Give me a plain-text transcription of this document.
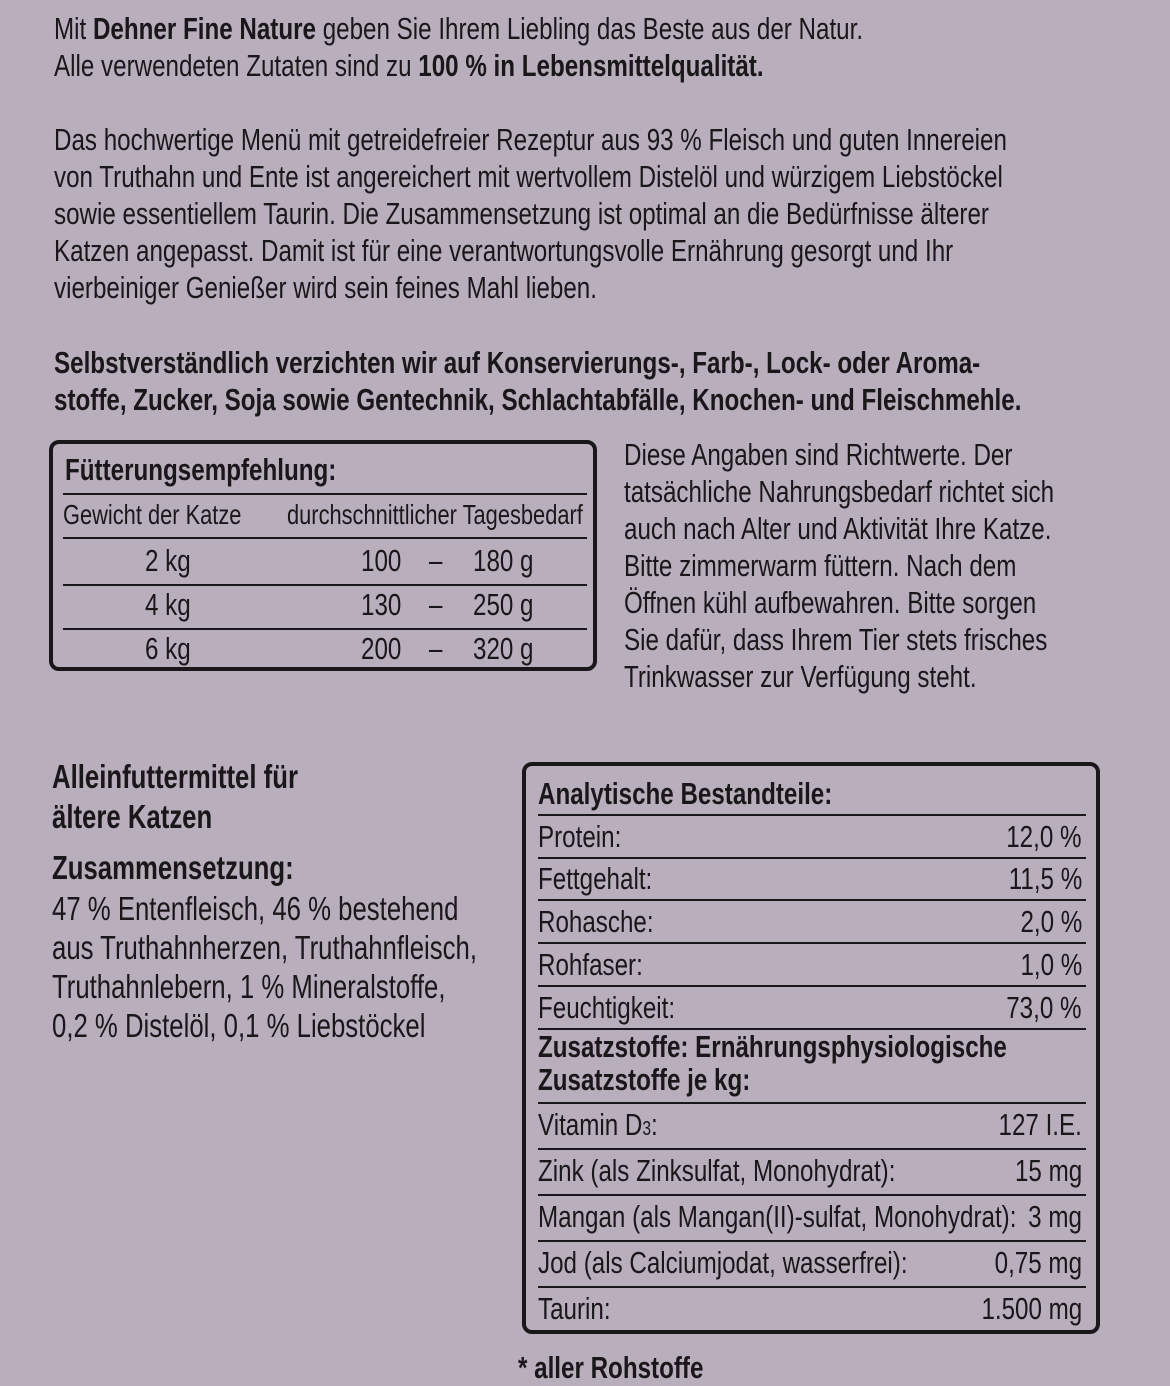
Mit Dehner Fine Nature geben Sie Ihrem Liebling das Beste aus der Natur.

Alle verwendeten Zutaten sind zu 100 % in Lebensmittelqualität.

Das hochwertige Menü mit getreidefreier Rezeptur aus 93 % Fleisch und guten Innereien

von Truthahn und Ente ist angereichert mit wertvollem Distelöl und würzigem Liebstöckel

sowie essentiellem Taurin. Die Zusammensetzung ist optimal an die Bedürfnisse älterer

Katzen angepasst. Damit ist für eine verantwortungsvolle Ernährung gesorgt und Ihr

vierbeiniger Genießer wird sein feines Mahl lieben.

Selbstverständlich verzichten wir auf Konservierungs-, Farb-, Lock- oder Aroma-

stoffe, Zucker, Soja sowie Gentechnik, Schlachtabfälle, Knochen- und Fleischmehle.

Fütterungsempfehlung:
Gewicht der Katze durchschnittlicher Tagesbedarf
2 kg	100 – 180 g
4 kg	130 – 250 g
6 kg	200 – 320 g

Diese Angaben sind Richtwerte. Der

tatsächliche Nahrungsbedarf richtet sich

auch nach Alter und Aktivität Ihre Katze.

Bitte zimmerwarm füttern. Nach dem

Öffnen kühl aufbewahren. Bitte sorgen

Sie dafür, dass Ihrem Tier stets frisches

Trinkwasser zur Verfügung steht.

Alleinfuttermittel für
ältere Katzen
Zusammensetzung:

47 % Entenfleisch, 46 % bestehend

aus Truthahnherzen, Truthahnfleisch,

Truthahnlebern, 1 % Mineralstoffe,

0,2 % Distelöl, 0,1 % Liebstöckel

Analytische Bestandteile:
Protein:	12,0 %
Fettgehalt:	11,5 %
Rohasche:	2,0 %
Rohfaser:	1,0 %
Feuchtigkeit:	73,0 %
Zusatzstoffe: Ernährungsphysiologische
Zusatzstoffe je kg:
Vitamin D3:	127 I.E.
Zink (als Zinksulfat, Monohydrat):	15 mg
Mangan (als Mangan(II)-sulfat, Monohydrat): 3 mg
Jod (als Calciumjodat, wasserfrei):	0,75 mg
Taurin:	1.500 mg
* aller Rohstoffe
